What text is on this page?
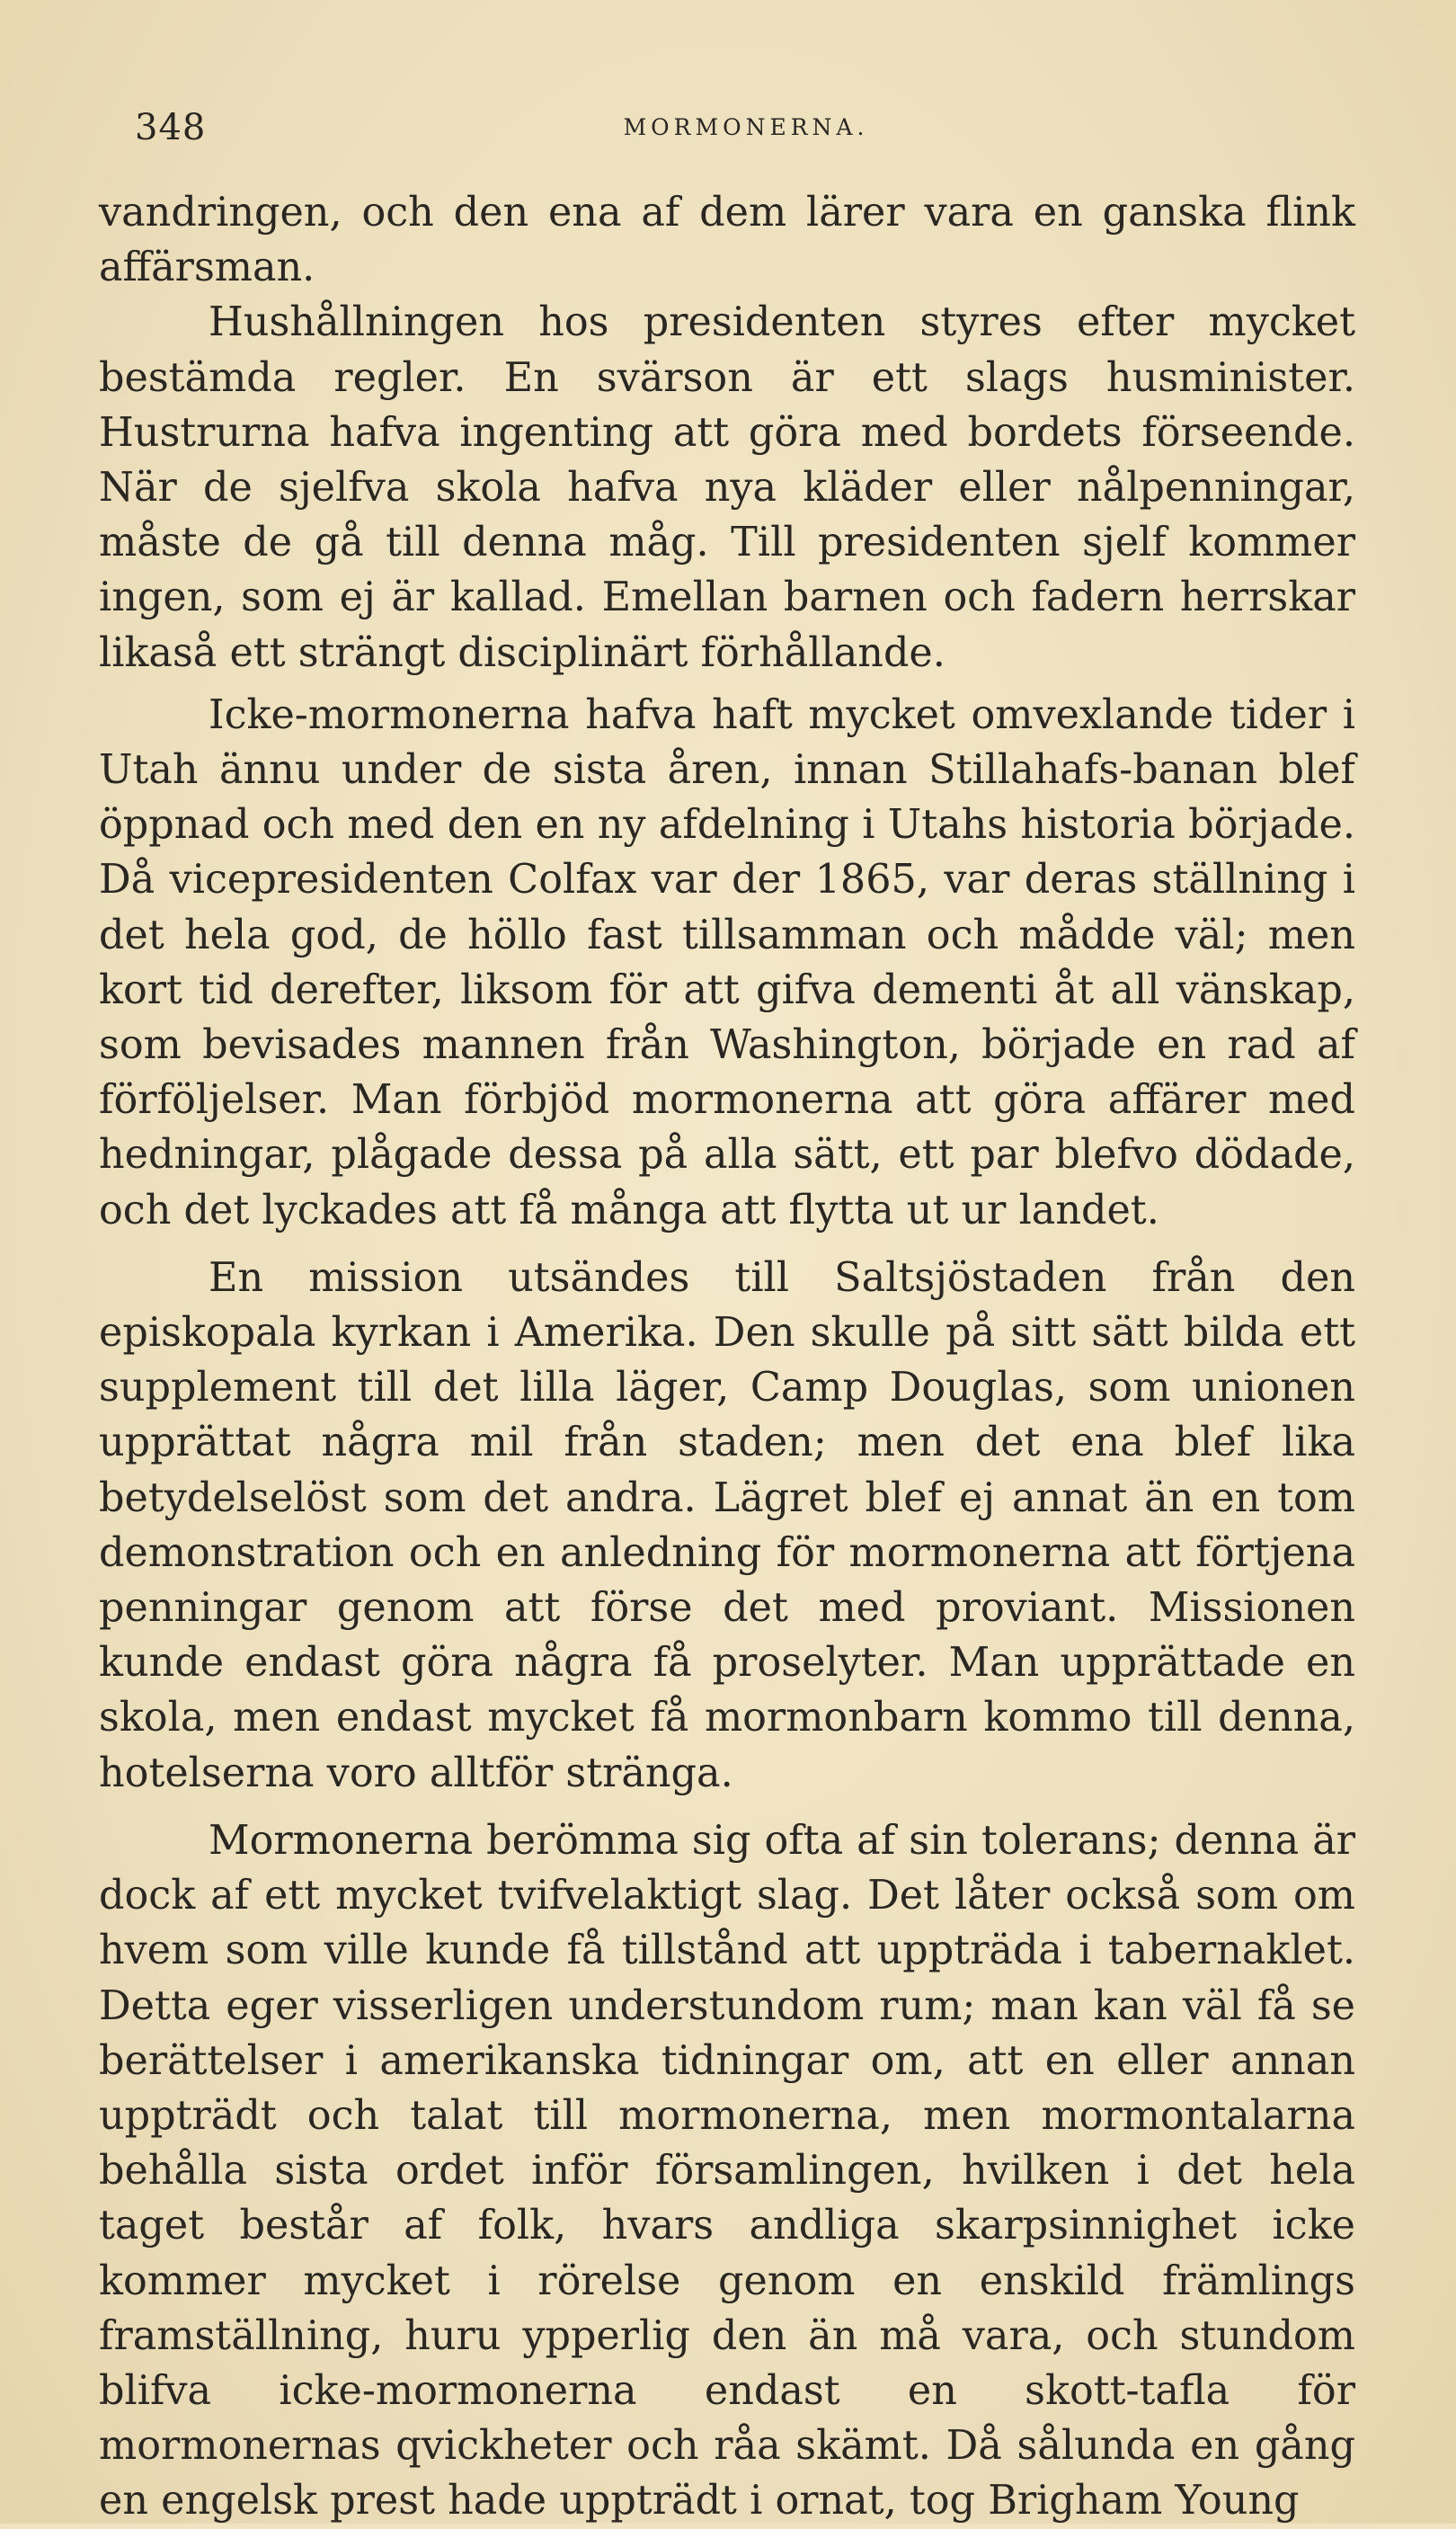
348	MORMONERNA.

vandringen, och den ena af dem lärer vara en ganska flink affärsman.

Hushållningen hos presidenten styres efter mycket bestämda regler. En svärson är ett slags husminister. Hustrurna hafva ingenting att göra med bordets förseende. När de sjelfva skola hafva nya kläder eller nålpenningar, måste de gå till denna måg. Till presidenten sjelf kommer ingen, som ej är kallad. Emellan barnen och fadern herrskar likaså ett strängt disciplinärt förhållande.

Icke-mormonerna hafva haft mycket omvexlande tider i Utah ännu under de sista åren, innan Stillahafs-banan blef öppnad och med den en ny afdelning i Utahs historia började. Då vicepresidenten Colfax var der 1865, var deras ställning i det hela god, de höllo fast tillsamman och mådde väl; men kort tid derefter, liksom för att gifva dementi åt all vänskap, som bevisades mannen från Washington, började en rad af förföljelser. Man förbjöd mormonerna att göra affärer med hedningar, plågade dessa på alla sätt, ett par blefvo dödade, och det lyckades att få många att flytta ut ur landet.

En mission utsändes till Saltsjöstaden från den episkopala kyrkan i Amerika. Den skulle på sitt sätt bilda ett supplement till det lilla läger, Camp Douglas, som unionen upprättat några mil från staden; men det ena blef lika betydelselöst som det andra. Lägret blef ej annat än en tom demonstration och en anledning för mormonerna att förtjena penningar genom att förse det med proviant. Missionen kunde endast göra några få proselyter. Man upprättade en skola, men endast mycket få mormonbarn kommo till denna, hotelserna voro alltför stränga.

Mormonerna berömma sig ofta af sin tolerans; denna är dock af ett mycket tvifvelaktigt slag. Det låter också som om hvem som ville kunde få tillstånd att uppträda i tabernaklet. Detta eger visserligen understundom rum; man kan väl få se berättelser i amerikanska tidningar om, att en eller annan uppträdt och talat till mormonerna, men mormontalarna behålla sista ordet inför församlingen, hvilken i det hela taget består af folk, hvars andliga skarpsinnighet icke kommer mycket i rörelse genom en enskild främlings framställning, huru ypperlig den än må vara, och stundom blifva icke-mormonerna endast en skott-tafla för mormonernas qvickheter och råa skämt. Då sålunda en gång en engelsk prest hade uppträdt i ornat, tog Brigham Young
